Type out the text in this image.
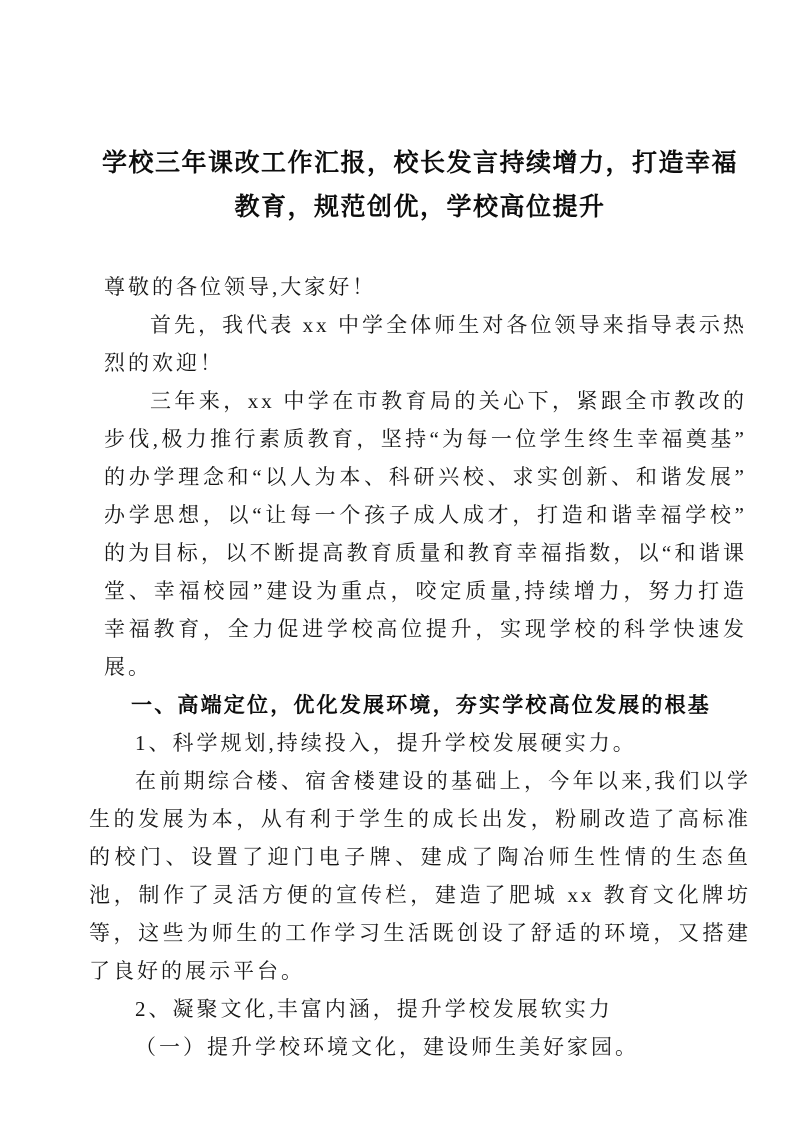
学校三年课改工作汇报，校长发言持续增力，打造幸福
教育，规范创优，学校高位提升

尊敬的各位领导,大家好！

首先，我代表 xx 中学全体师生对各位领导来指导表示热烈的欢迎！

三年来，xx 中学在市教育局的关心下，紧跟全市教改的步伐,极力推行素质教育，坚持“为每一位学生终生幸福奠基”的办学理念和“以人为本、科研兴校、求实创新、和谐发展”办学思想，以“让每一个孩子成人成才，打造和谐幸福学校”的为目标，以不断提高教育质量和教育幸福指数，以“和谐课堂、幸福校园”建设为重点，咬定质量,持续增力，努力打造幸福教育，全力促进学校高位提升，实现学校的科学快速发展。

一、高端定位，优化发展环境，夯实学校高位发展的根基

1、科学规划,持续投入，提升学校发展硬实力。

在前期综合楼、宿舍楼建设的基础上，今年以来,我们以学生的发展为本，从有利于学生的成长出发，粉刷改造了高标准的校门、设置了迎门电子牌、建成了陶冶师生性情的生态鱼池，制作了灵活方便的宣传栏，建造了肥城 xx 教育文化牌坊等，这些为师生的工作学习生活既创设了舒适的环境，又搭建了良好的展示平台。

2、凝聚文化,丰富内涵，提升学校发展软实力

（一）提升学校环境文化，建设师生美好家园。
